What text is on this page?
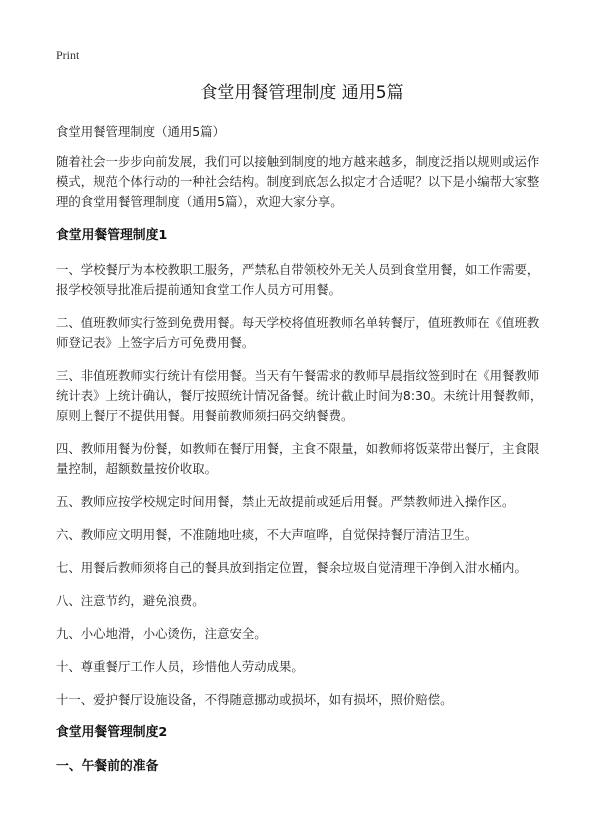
Print
食堂用餐管理制度 通用5篇

食堂用餐管理制度（通用5篇）

随着社会一步步向前发展，我们可以接触到制度的地方越来越多，制度泛指以规则或运作模式，规范个体行动的一种社会结构。制度到底怎么拟定才合适呢？以下是小编帮大家整理的食堂用餐管理制度（通用5篇），欢迎大家分享。

食堂用餐管理制度1

一、学校餐厅为本校教职工服务，严禁私自带领校外无关人员到食堂用餐，如工作需要，报学校领导批准后提前通知食堂工作人员方可用餐。

二、值班教师实行签到免费用餐。每天学校将值班教师名单转餐厅，值班教师在《值班教师登记表》上签字后方可免费用餐。

三、非值班教师实行统计有偿用餐。当天有午餐需求的教师早晨指纹签到时在《用餐教师统计表》上统计确认，餐厅按照统计情况备餐。统计截止时间为8:30。未统计用餐教师，原则上餐厅不提供用餐。用餐前教师须扫码交纳餐费。

四、教师用餐为份餐，如教师在餐厅用餐，主食不限量，如教师将饭菜带出餐厅，主食限量控制，超额数量按价收取。

五、教师应按学校规定时间用餐，禁止无故提前或延后用餐。严禁教师进入操作区。

六、教师应文明用餐，不准随地吐痰，不大声喧哗，自觉保持餐厅清洁卫生。

七、用餐后教师须将自己的餐具放到指定位置，餐余垃圾自觉清理干净倒入泔水桶内。

八、注意节约，避免浪费。

九、小心地滑，小心烫伤，注意安全。

十、尊重餐厅工作人员，珍惜他人劳动成果。

十一、爱护餐厅设施设备，不得随意挪动或损坏，如有损坏，照价赔偿。

食堂用餐管理制度2
一、午餐前的准备
